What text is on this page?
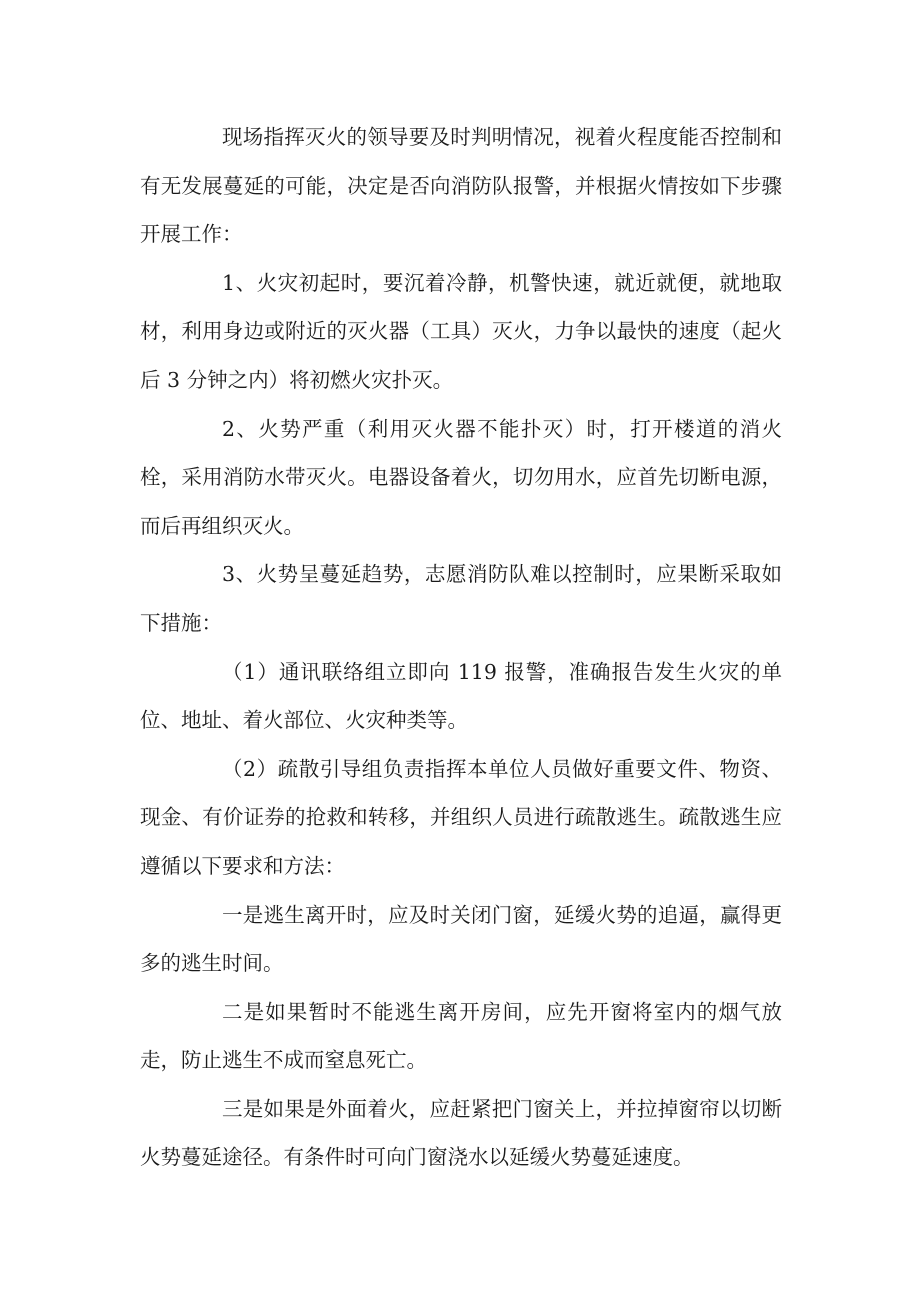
现场指挥灭火的领导要及时判明情况，视着火程度能否控制和有无发展蔓延的可能，决定是否向消防队报警，并根据火情按如下步骤开展工作：

1、火灾初起时，要沉着冷静，机警快速，就近就便，就地取材，利用身边或附近的灭火器（工具）灭火，力争以最快的速度（起火后 3 分钟之内）将初燃火灾扑灭。

2、火势严重（利用灭火器不能扑灭）时，打开楼道的消火栓，采用消防水带灭火。电器设备着火，切勿用水，应首先切断电源，而后再组织灭火。

3、火势呈蔓延趋势，志愿消防队难以控制时，应果断采取如下措施：

（1）通讯联络组立即向 119 报警，准确报告发生火灾的单位、地址、着火部位、火灾种类等。

（2）疏散引导组负责指挥本单位人员做好重要文件、物资、现金、有价证券的抢救和转移，并组织人员进行疏散逃生。疏散逃生应遵循以下要求和方法：

一是逃生离开时，应及时关闭门窗，延缓火势的追逼，赢得更多的逃生时间。

二是如果暂时不能逃生离开房间，应先开窗将室内的烟气放走，防止逃生不成而窒息死亡。

三是如果是外面着火，应赶紧把门窗关上，并拉掉窗帘以切断火势蔓延途径。有条件时可向门窗浇水以延缓火势蔓延速度。
